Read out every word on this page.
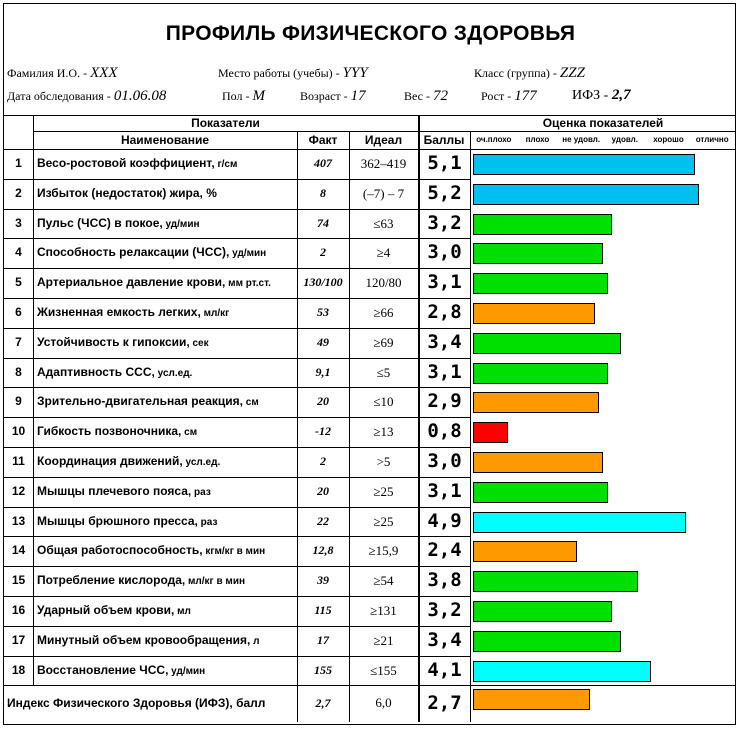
ПРОФИЛЬ ФИЗИЧЕСКОГО ЗДОРОВЬЯ
Фамилия И.О. - XXX	Место работы (учебы) - YYY	Класс (группа) - ZZZ
Дата обследования - 01.06.08	Пол - М	Возраст - 17	Вес - 72	Рост - 177	ИФЗ - 2,7
Показатели
Наименование	Факт	Идеал	Баллы
Оценка показателей
оч.плохо	плохо	не удовл.	удовл.	хорошо	отлично
1	Весо-ростовой коэффициент, г/см	407	362–419	5,1
2	Избыток (недостаток) жира, %	8	(–7) – 7	5,2
3	Пульс (ЧСС) в покое, уд/мин	74	≤63	3,2
4	Способность релаксации (ЧСС), уд/мин	2	≥4	3,0
5	Артериальное давление крови, мм рт.ст.	130/100	120/80	3,1
6	Жизненная емкость легких, мл/кг	53	≥66	2,8
7	Устойчивость к гипоксии, сек	49	≥69	3,4
8	Адаптивность ССС, усл.ед.	9,1	≤5	3,1
9	Зрительно-двигательная реакция, см	20	≤10	2,9
10 Гибкость позвоночника, см	-12	≥13	0,8
11	Координация движений, усл.ед.	2	>5	3,0
12 Мышцы плечевого пояса, раз	20	≥25	3,1
13 Мышцы брюшного пресса, раз	22	≥25	4,9
14 Общая работоспособность, кгм/кг в мин	12,8	≥15,9	2,4
15 Потребление кислорода, мл/кг в мин	39	≥54	3,8
16 Ударный объем крови, мл	115	≥131	3,2
17 Минутный объем кровообращения, л	17	≥21	3,4
18 Восстановление ЧСС, уд/мин	155	≤155	4,1
Индекс Физического Здоровья (ИФЗ), балл	2,7	6,0	2,7
